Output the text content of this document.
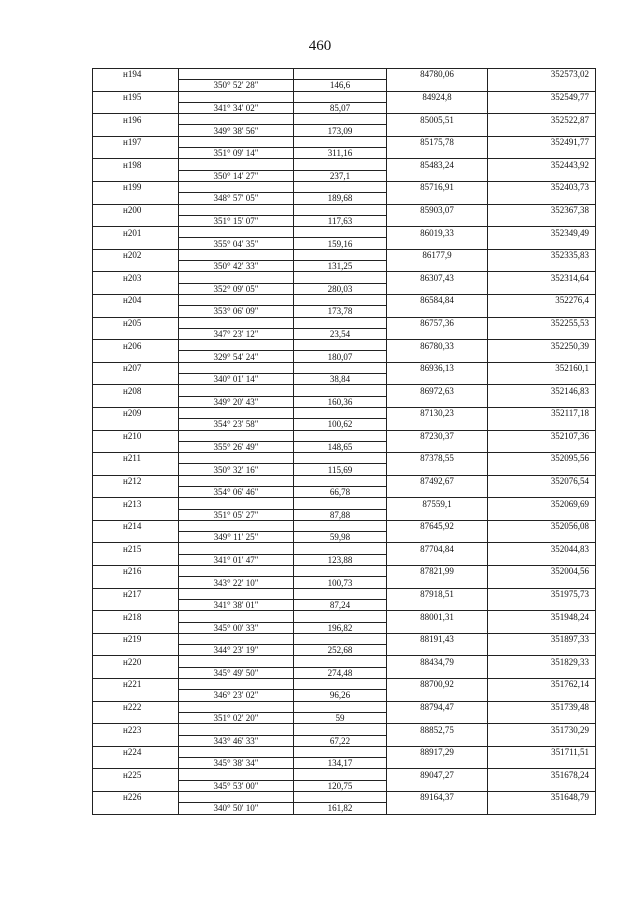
460
н194			84780,06	352573,02
	350° 52' 28"	146,6		
н195			84924,8	352549,77
	341° 34' 02"	85,07		
н196			85005,51	352522,87
	349° 38' 56"	173,09		
н197			85175,78	352491,77
	351° 09' 14"	311,16		
н198			85483,24	352443,92
	350° 14' 27"	237,1		
н199			85716,91	352403,73
	348° 57' 05"	189,68		
н200			85903,07	352367,38
	351° 15' 07"	117,63		
н201			86019,33	352349,49
	355° 04' 35"	159,16		
н202			86177,9	352335,83
	350° 42' 33"	131,25		
н203			86307,43	352314,64
	352° 09' 05"	280,03		
н204			86584,84	352276,4
	353° 06' 09"	173,78		
н205			86757,36	352255,53
	347° 23' 12"	23,54		
н206			86780,33	352250,39
	329° 54' 24"	180,07		
н207			86936,13	352160,1
	340° 01' 14"	38,84		
н208			86972,63	352146,83
	349° 20' 43"	160,36		
н209			87130,23	352117,18
	354° 23' 58"	100,62		
н210			87230,37	352107,36
	355° 26' 49"	148,65		
н211			87378,55	352095,56
	350° 32' 16"	115,69		
н212			87492,67	352076,54
	354° 06' 46"	66,78		
н213			87559,1	352069,69
	351° 05' 27"	87,88		
н214			87645,92	352056,08
	349° 11' 25"	59,98		
н215			87704,84	352044,83
	341° 01' 47"	123,88		
н216			87821,99	352004,56
	343° 22' 10"	100,73		
н217			87918,51	351975,73
	341° 38' 01"	87,24		
н218			88001,31	351948,24
	345° 00' 33"	196,82		
н219			88191,43	351897,33
	344° 23' 19"	252,68		
н220			88434,79	351829,33
	345° 49' 50"	274,48		
н221			88700,92	351762,14
	346° 23' 02"	96,26		
н222			88794,47	351739,48
	351° 02' 20"	59		
н223			88852,75	351730,29
	343° 46' 33"	67,22		
н224			88917,29	351711,51
	345° 38' 34"	134,17		
н225			89047,27	351678,24
	345° 53' 00"	120,75		
н226			89164,37	351648,79
	340° 50' 10"	161,82		
